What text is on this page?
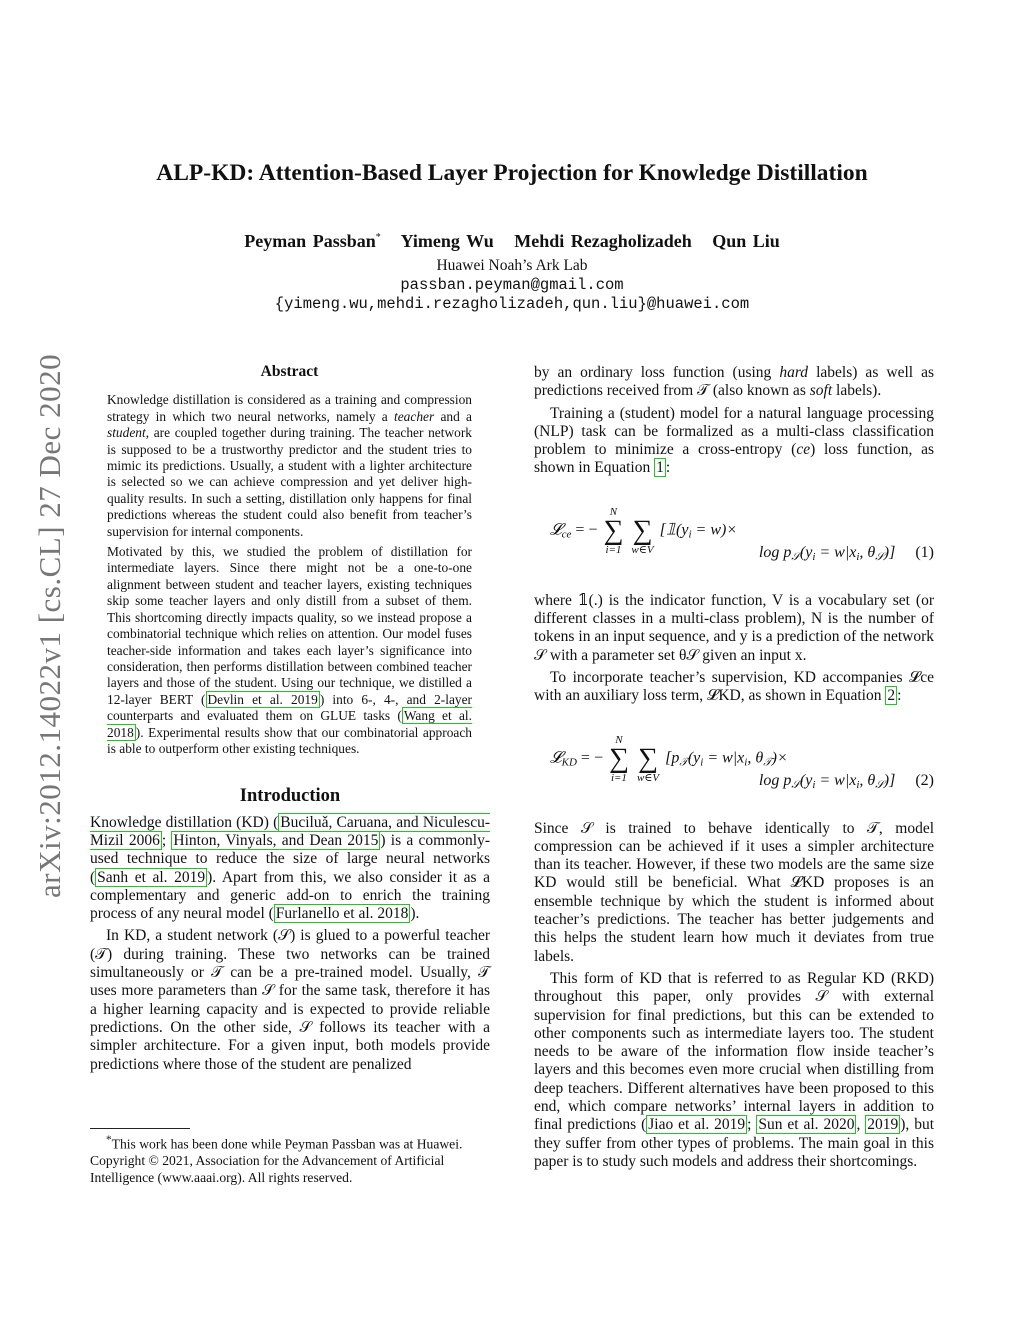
arXiv:2012.14022v1 [cs.CL] 27 Dec 2020
ALP-KD: Attention-Based Layer Projection for Knowledge Distillation
Peyman Passban* Yimeng Wu Mehdi Rezagholizadeh Qun Liu
Huawei Noah’s Ark Lab
passban.peyman@gmail.com
{yimeng.wu,mehdi.rezagholizadeh,qun.liu}@huawei.com
Abstract

Knowledge distillation is considered as a training and compression strategy in which two neural networks, namely a teacher and a student, are coupled together during training. The teacher network is supposed to be a trustworthy predictor and the student tries to mimic its predictions. Usually, a student with a lighter architecture is selected so we can achieve compression and yet deliver high-quality results. In such a setting, distillation only happens for final predictions whereas the student could also benefit from teacher’s supervision for internal components.

Motivated by this, we studied the problem of distillation for intermediate layers. Since there might not be a one-to-one alignment between student and teacher layers, existing techniques skip some teacher layers and only distill from a subset of them. This shortcoming directly impacts quality, so we instead propose a combinatorial technique which relies on attention. Our model fuses teacher-side information and takes each layer’s significance into consideration, then performs distillation between combined teacher layers and those of the student. Using our technique, we distilled a 12-layer BERT ( Devlin et al. 2019 ) into 6-, 4-, and 2-layer counterparts and evaluated them on GLUE tasks ( Wang et al. 2018 ). Experimental results show that our combinatorial approach is able to outperform other existing techniques.

Introduction

Knowledge distillation (KD) ( Buciluǎ, Caruana, and Niculescu-Mizil 2006 ; Hinton, Vinyals, and Dean 2015 ) is a commonly-used technique to reduce the size of large neural networks ( Sanh et al. 2019 ). Apart from this, we also consider it as a complementary and generic add-on to enrich the training process of any neural model ( Furlanello et al. 2018 ).

In KD, a student network (𝒮) is glued to a powerful teacher (𝒯) during training. These two networks can be trained simultaneously or 𝒯 can be a pre-trained model. Usually, 𝒯 uses more parameters than 𝒮 for the same task, therefore it has a higher learning capacity and is expected to provide reliable predictions. On the other side, 𝒮 follows its teacher with a simpler architecture. For a given input, both models provide predictions where those of the student are penalized

*This work has been done while Peyman Passban was at Huawei.
Copyright © 2021, Association for the Advancement of Artificial Intelligence (www.aaai.org). All rights reserved.

by an ordinary loss function (using hard labels) as well as predictions received from 𝒯 (also known as soft labels).

Training a (student) model for a natural language processing (NLP) task can be formalized as a multi-class classification problem to minimize a cross-entropy (ce) loss function, as shown in Equation 1 :

𝓛$_{ce}$ = −
N
∑
i=1

∑
w∈V
[$𝟙(y_i = w)\times$
$\log p_𝒮(y_i = w|x_i$, $\theta_𝒮$)] (1)

where 𝟙(.) is the indicator function, V is a vocabulary set (or different classes in a multi-class problem), N is the number of tokens in an input sequence, and y is a prediction of the network 𝒮 with a parameter set θ𝒮 given an input x.

To incorporate teacher’s supervision, KD accompanies 𝓛ce with an auxiliary loss term, 𝓛KD, as shown in Equation 2 :

𝓛$_{KD}$ = −
N
∑
i=1

∑
w∈V
[$p_𝒯(y_i = w|x_i$, $\theta_𝒯)\times$
$\log p_𝒮(y_i = w|x_i$, $\theta_𝒮$)] (2)

Since 𝒮 is trained to behave identically to 𝒯, model compression can be achieved if it uses a simpler architecture than its teacher. However, if these two models are the same size KD would still be beneficial. What 𝓛KD proposes is an ensemble technique by which the student is informed about teacher’s predictions. The teacher has better judgements and this helps the student learn how much it deviates from true labels.

This form of KD that is referred to as Regular KD (RKD) throughout this paper, only provides 𝒮 with external supervision for final predictions, but this can be extended to other components such as intermediate layers too. The student needs to be aware of the information flow inside teacher’s layers and this becomes even more crucial when distilling from deep teachers. Different alternatives have been proposed to this end, which compare networks’ internal layers in addition to final predictions ( Jiao et al. 2019 ; Sun et al. 2020 , 2019 ), but they suffer from other types of problems. The main goal in this paper is to study such models and address their shortcomings.
